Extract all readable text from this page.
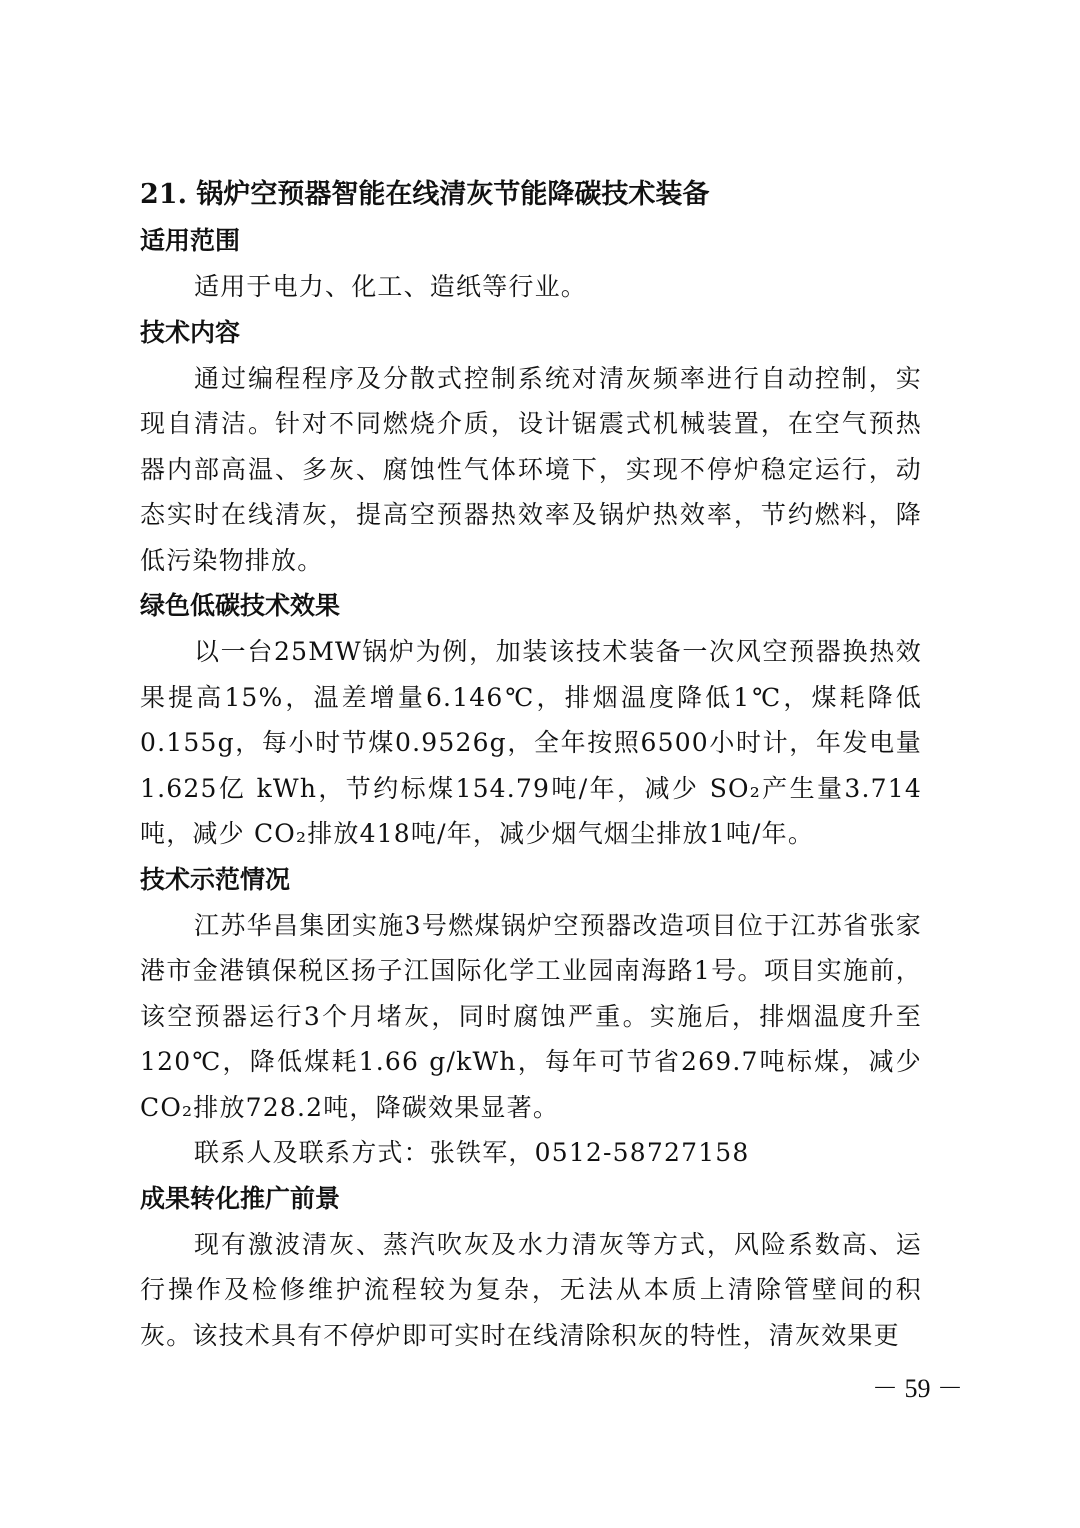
21. 锅炉空预器智能在线清灰节能降碳技术装备
适用范围

适用于电力、化工、造纸等行业。

技术内容

通过编程程序及分散式控制系统对清灰频率进行自动控制，实现自清洁。针对不同燃烧介质，设计锯震式机械装置，在空气预热器内部高温、多灰、腐蚀性气体环境下，实现不停炉稳定运行，动态实时在线清灰，提高空预器热效率及锅炉热效率，节约燃料，降低污染物排放。

绿色低碳技术效果

以一台25MW锅炉为例，加装该技术装备一次风空预器换热效果提高15%，温差增量6.146℃，排烟温度降低1℃，煤耗降低0.155g，每小时节煤0.9526g，全年按照6500小时计，年发电量1.625亿 kWh，节约标煤154.79吨/年，减少 SO₂产生量3.714吨，减少 CO₂排放418吨/年，减少烟气烟尘排放1吨/年。

技术示范情况

江苏华昌集团实施3号燃煤锅炉空预器改造项目位于江苏省张家港市金港镇保税区扬子江国际化学工业园南海路1号。项目实施前，该空预器运行3个月堵灰，同时腐蚀严重。实施后，排烟温度升至120℃，降低煤耗1.66 g/kWh，每年可节省269.7吨标煤，减少CO₂排放728.2吨，降碳效果显著。

联系人及联系方式：张铁军，0512-58727158

成果转化推广前景

现有激波清灰、蒸汽吹灰及水力清灰等方式，风险系数高、运行操作及检修维护流程较为复杂，无法从本质上清除管壁间的积灰。该技术具有不停炉即可实时在线清除积灰的特性，清灰效果更

－ 59 －
